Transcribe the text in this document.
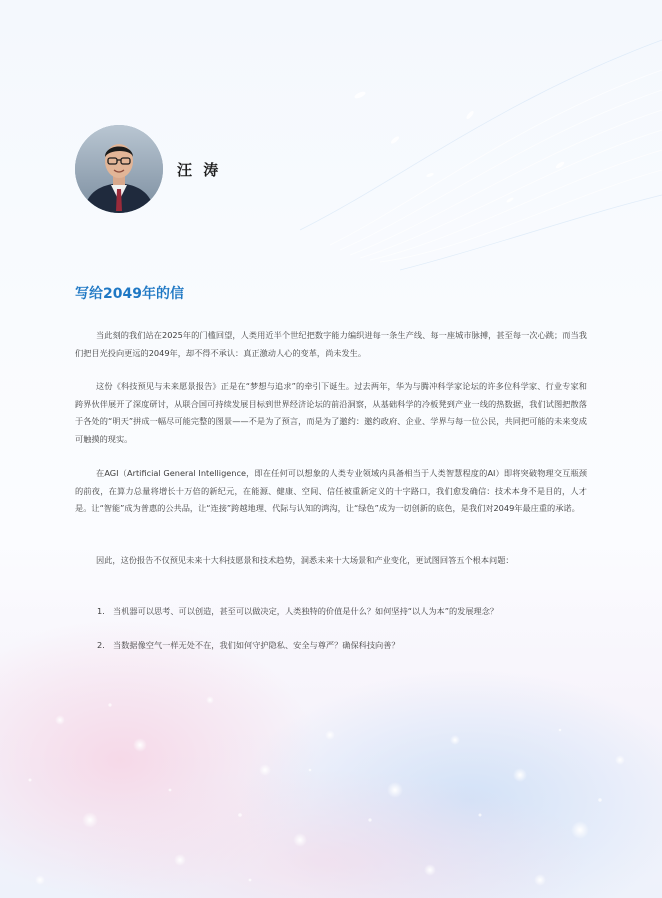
汪 涛
写给2049年的信

当此刻的我们站在2025年的门槛回望，人类用近半个世纪把数字能力编织进每一条生产线、每一座城市脉搏，甚至每一次心跳；而当我们把目光投向更远的2049年，却不得不承认：真正激动人心的变革，尚未发生。

这份《科技预见与未来愿景报告》正是在“梦想与追求”的牵引下诞生。过去两年，华为与腾冲科学家论坛的许多位科学家、行业专家和跨界伙伴展开了深度研讨，从联合国可持续发展目标到世界经济论坛的前沿洞察，从基础科学的冷板凳到产业一线的热数据，我们试图把散落于各处的“明天”拼成一幅尽可能完整的图景——不是为了预言，而是为了邀约：邀约政府、企业、学界与每一位公民，共同把可能的未来变成可触摸的现实。

在AGI（Artificial General Intelligence，即在任何可以想象的人类专业领域内具备相当于人类智慧程度的AI）即将突破物理交互瓶颈的前夜，在算力总量将增长十万倍的新纪元，在能源、健康、空间、信任被重新定义的十字路口，我们愈发确信：技术本身不是目的，人才是。让“智能”成为普惠的公共品，让“连接”跨越地理、代际与认知的鸿沟，让“绿色”成为一切创新的底色，是我们对2049年最庄重的承诺。

因此，这份报告不仅预见未来十大科技愿景和技术趋势，洞悉未来十大场景和产业变化，更试图回答五个根本问题：

1. 当机器可以思考、可以创造，甚至可以做决定，人类独特的价值是什么？如何坚持“以人为本”的发展理念？
2. 当数据像空气一样无处不在，我们如何守护隐私、安全与尊严？确保科技向善？
